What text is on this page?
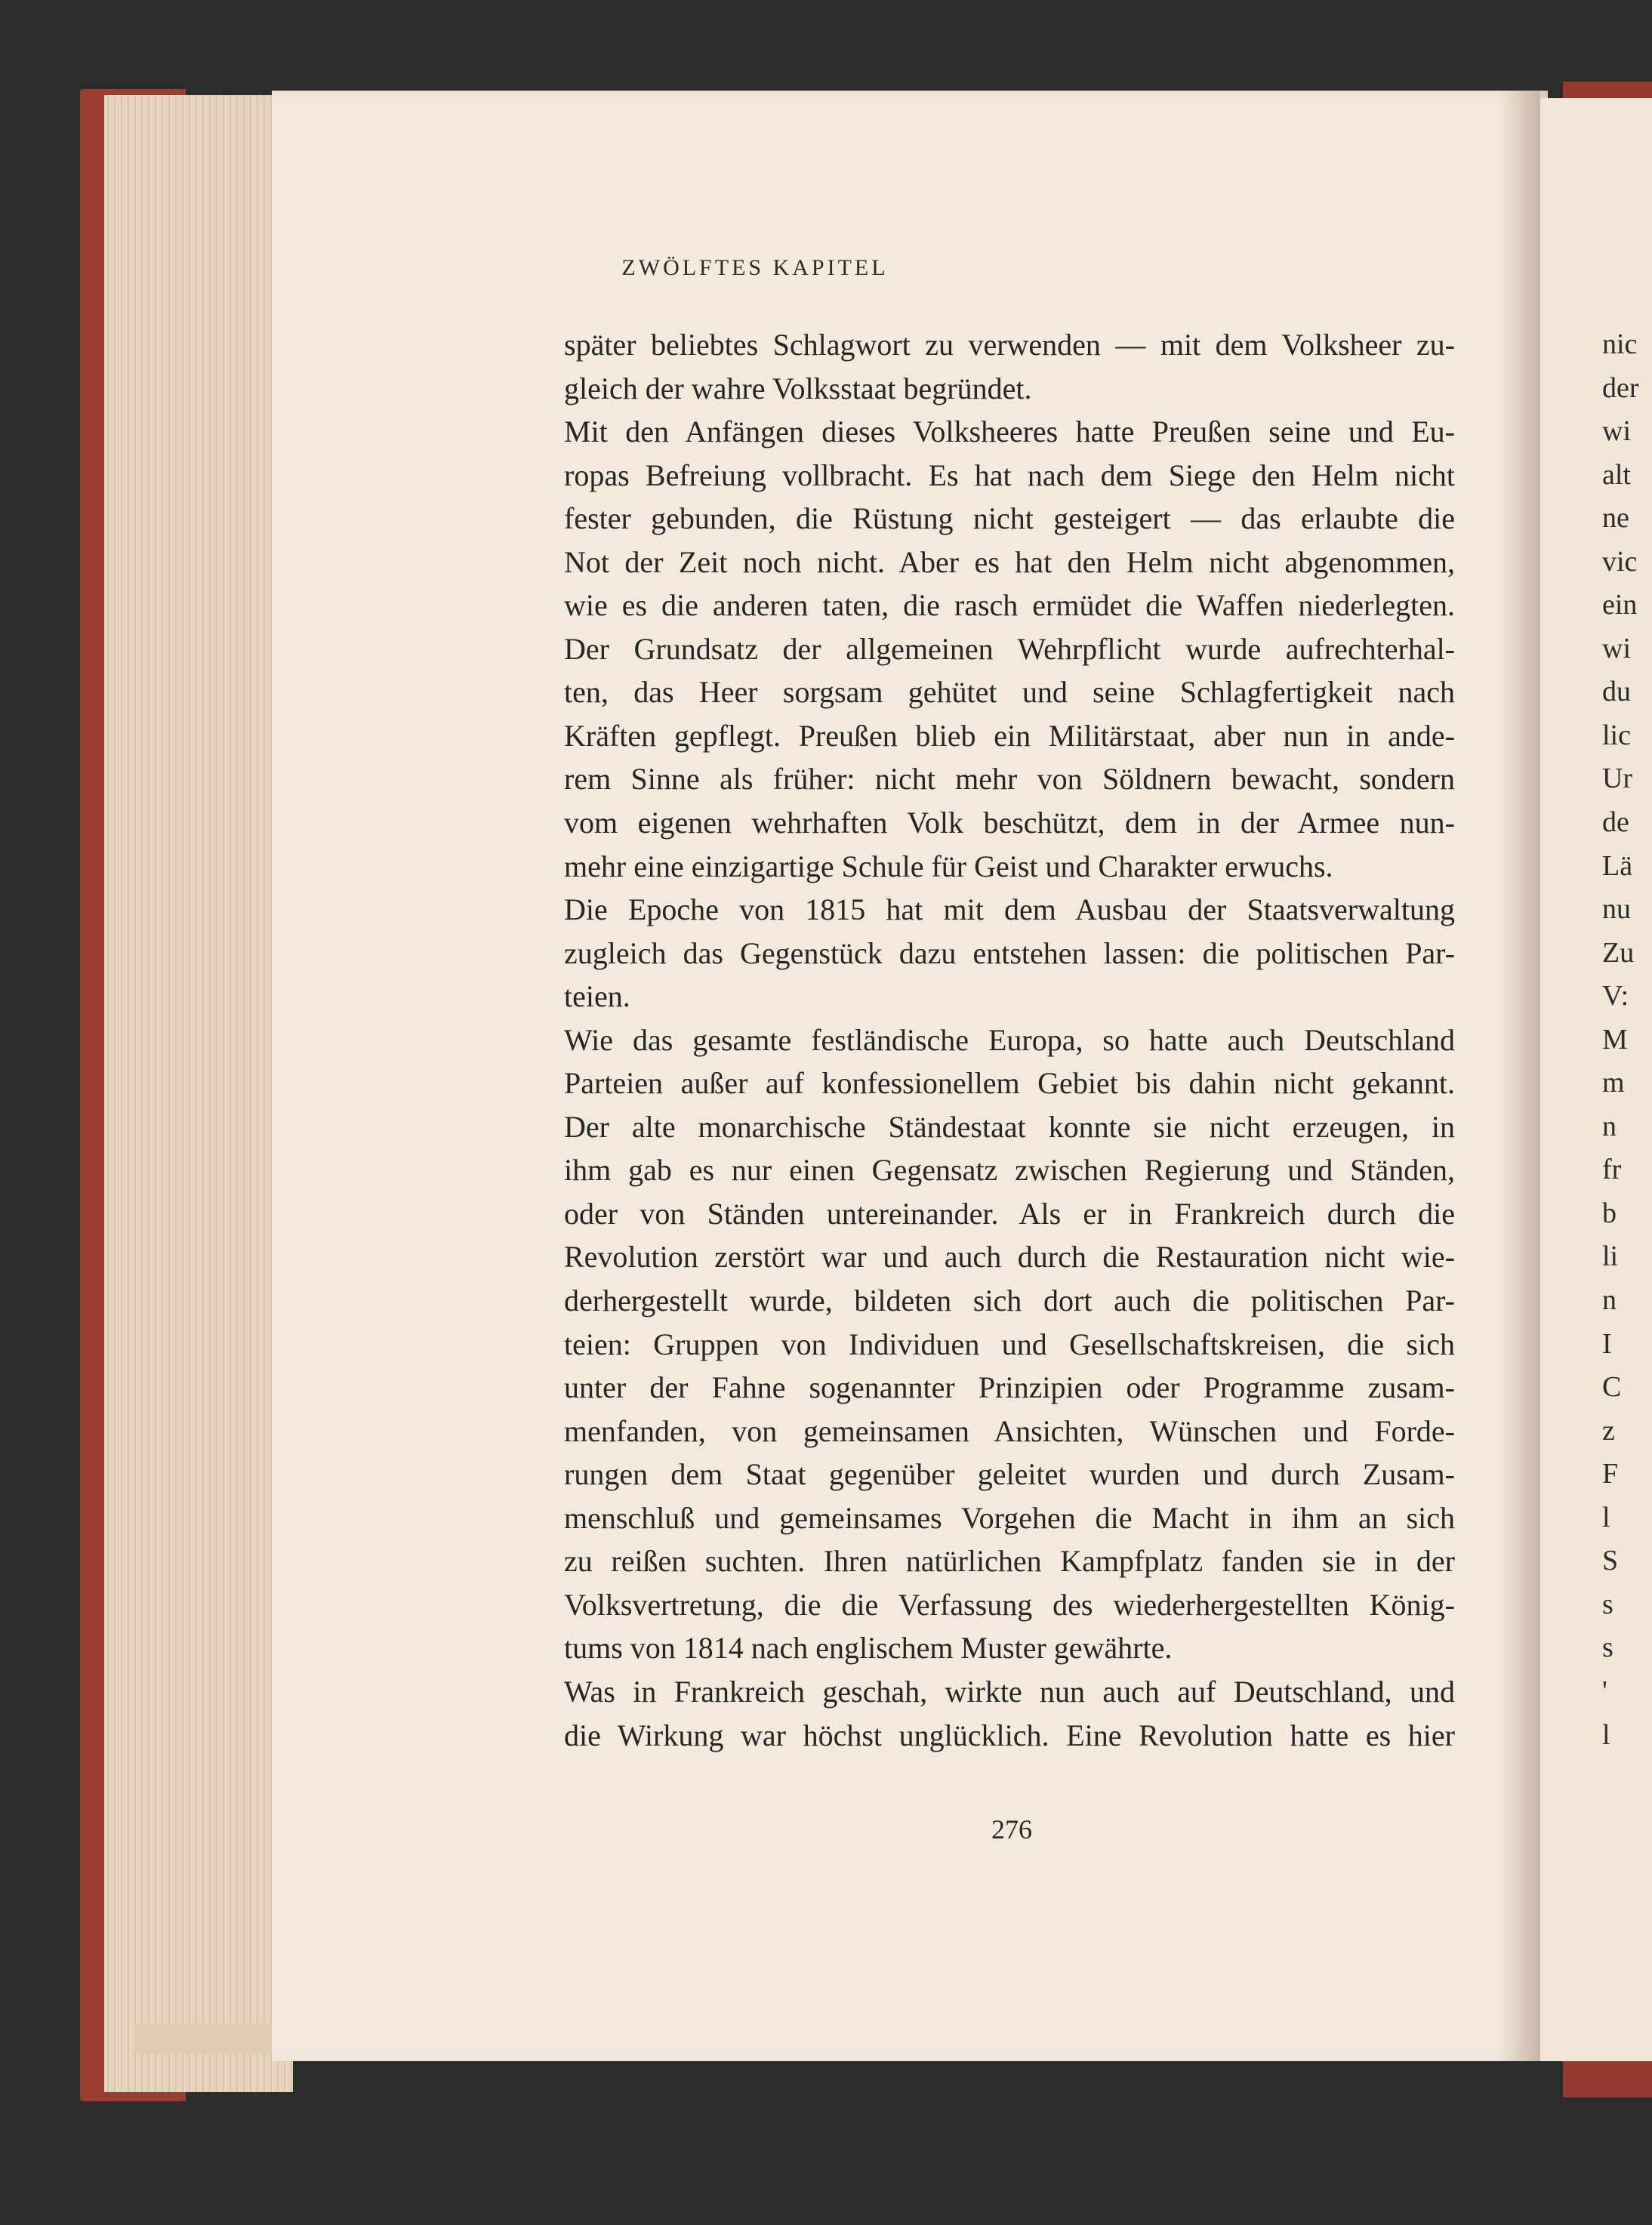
ZWÖLFTES KAPITEL
später beliebtes Schlagwort zu verwenden — mit dem Volksheer zu-
gleich der wahre Volksstaat begründet.
Mit den Anfängen dieses Volksheeres hatte Preußen seine und Eu-
ropas Befreiung vollbracht. Es hat nach dem Siege den Helm nicht
fester gebunden, die Rüstung nicht gesteigert — das erlaubte die
Not der Zeit noch nicht. Aber es hat den Helm nicht abgenommen,
wie es die anderen taten, die rasch ermüdet die Waffen niederlegten.
Der Grundsatz der allgemeinen Wehrpflicht wurde aufrechterhal-
ten, das Heer sorgsam gehütet und seine Schlagfertigkeit nach
Kräften gepflegt. Preußen blieb ein Militärstaat, aber nun in ande-
rem Sinne als früher: nicht mehr von Söldnern bewacht, sondern
vom eigenen wehrhaften Volk beschützt, dem in der Armee nun-
mehr eine einzigartige Schule für Geist und Charakter erwuchs.
Die Epoche von 1815 hat mit dem Ausbau der Staatsverwaltung
zugleich das Gegenstück dazu entstehen lassen: die politischen Par-
teien.
Wie das gesamte festländische Europa, so hatte auch Deutschland
Parteien außer auf konfessionellem Gebiet bis dahin nicht gekannt.
Der alte monarchische Ständestaat konnte sie nicht erzeugen, in
ihm gab es nur einen Gegensatz zwischen Regierung und Ständen,
oder von Ständen untereinander. Als er in Frankreich durch die
Revolution zerstört war und auch durch die Restauration nicht wie-
derhergestellt wurde, bildeten sich dort auch die politischen Par-
teien: Gruppen von Individuen und Gesellschaftskreisen, die sich
unter der Fahne sogenannter Prinzipien oder Programme zusam-
menfanden, von gemeinsamen Ansichten, Wünschen und Forde-
rungen dem Staat gegenüber geleitet wurden und durch Zusam-
menschluß und gemeinsames Vorgehen die Macht in ihm an sich
zu reißen suchten. Ihren natürlichen Kampfplatz fanden sie in der
Volksvertretung, die die Verfassung des wiederhergestellten König-
tums von 1814 nach englischem Muster gewährte.
Was in Frankreich geschah, wirkte nun auch auf Deutschland, und
die Wirkung war höchst unglücklich. Eine Revolution hatte es hier
276
nic
der
wi
alt
ne
vic
ein
wi
du
lic
Ur
de
Lä
nu
Zu
V:
M
m
n
fr
b
li
n
I
C
z
F
l
S
s
s
'
l
